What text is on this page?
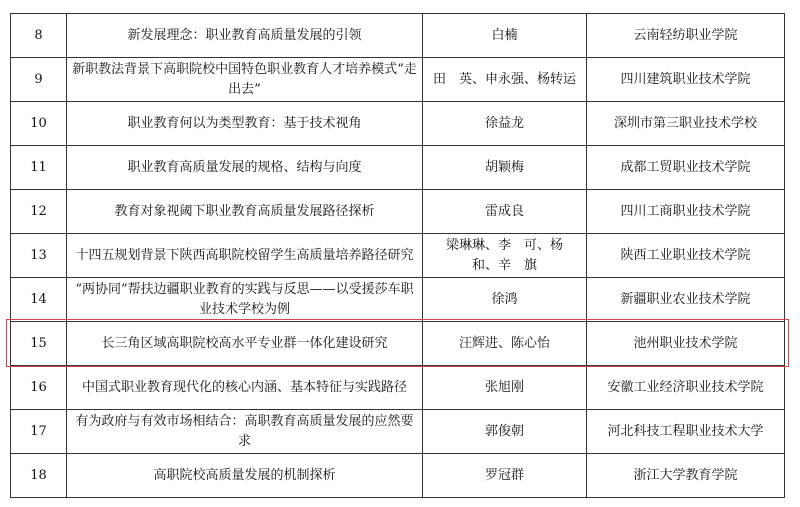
8	新发展理念：职业教育高质量发展的引领	白楠	云南轻纺职业学院
9	新职教法背景下高职院校中国特色职业教育人才培养模式“走出去”	田　英、申永强、杨转运	四川建筑职业技术学院
10	职业教育何以为类型教育：基于技术视角	徐益龙	深圳市第三职业技术学校
11	职业教育高质量发展的规格、结构与向度	胡颖梅	成都工贸职业技术学院
12	教育对象视阈下职业教育高质量发展路径探析	雷成良	四川工商职业技术学院
13	十四五规划背景下陕西高职院校留学生高质量培养路径研究	梁琳琳、李　可、杨　和、辛　旗	陕西工业职业技术学院
14	“两协同”帮扶边疆职业教育的实践与反思——以受援莎车职业技术学校为例	徐鸿	新疆职业农业技术学院
15	长三角区域高职院校高水平专业群一体化建设研究	汪辉进、陈心怡	池州职业技术学院
16	中国式职业教育现代化的核心内涵、基本特征与实践路径	张旭刚	安徽工业经济职业技术学院
17	有为政府与有效市场相结合：高职教育高质量发展的应然要求	郭俊朝	河北科技工程职业技术大学
18	高职院校高质量发展的机制探析	罗冠群	浙江大学教育学院
